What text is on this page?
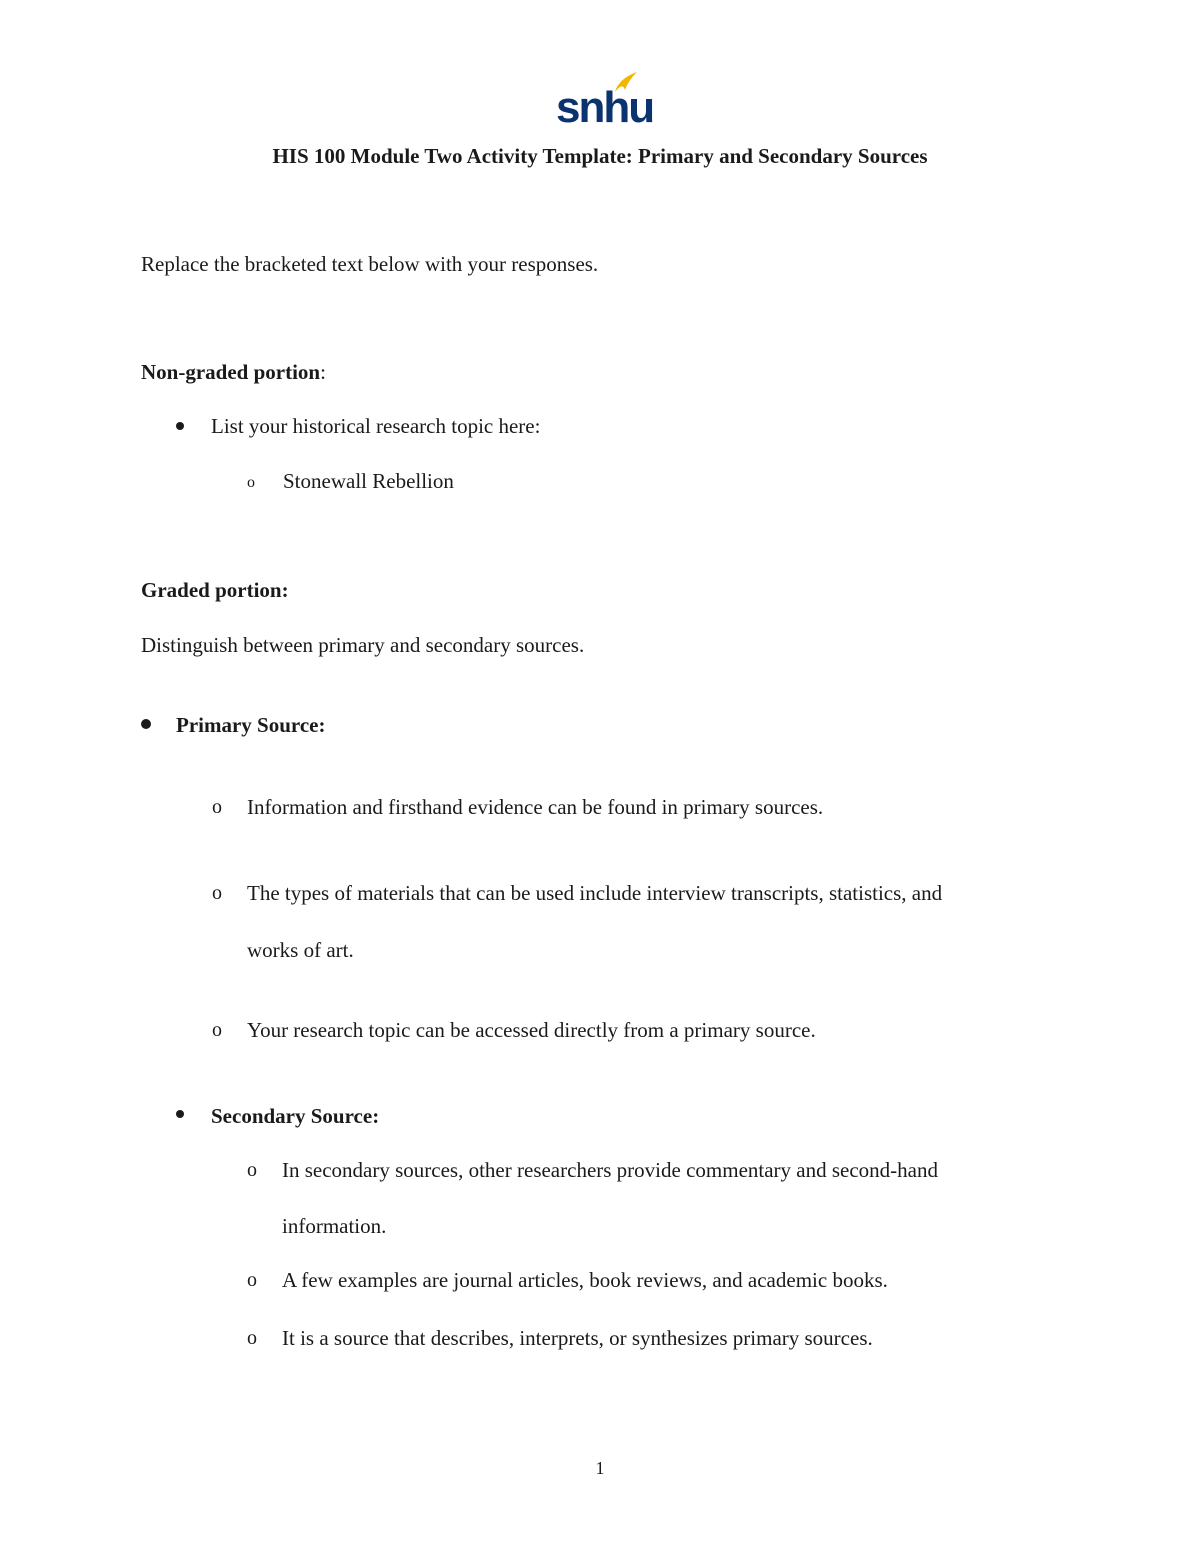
snhu
HIS 100 Module Two Activity Template: Primary and Secondary Sources
Replace the bracketed text below with your responses.
Non-graded portion:
List your historical research topic here:
o Stonewall Rebellion
Graded portion:
Distinguish between primary and secondary sources.
Primary Source:
o Information and firsthand evidence can be found in primary sources.
o The types of materials that can be used include interview transcripts, statistics, and
works of art.
o Your research topic can be accessed directly from a primary source.
Secondary Source:
o In secondary sources, other researchers provide commentary and second-hand
information.
o A few examples are journal articles, book reviews, and academic books.
o It is a source that describes, interprets, or synthesizes primary sources.
1
